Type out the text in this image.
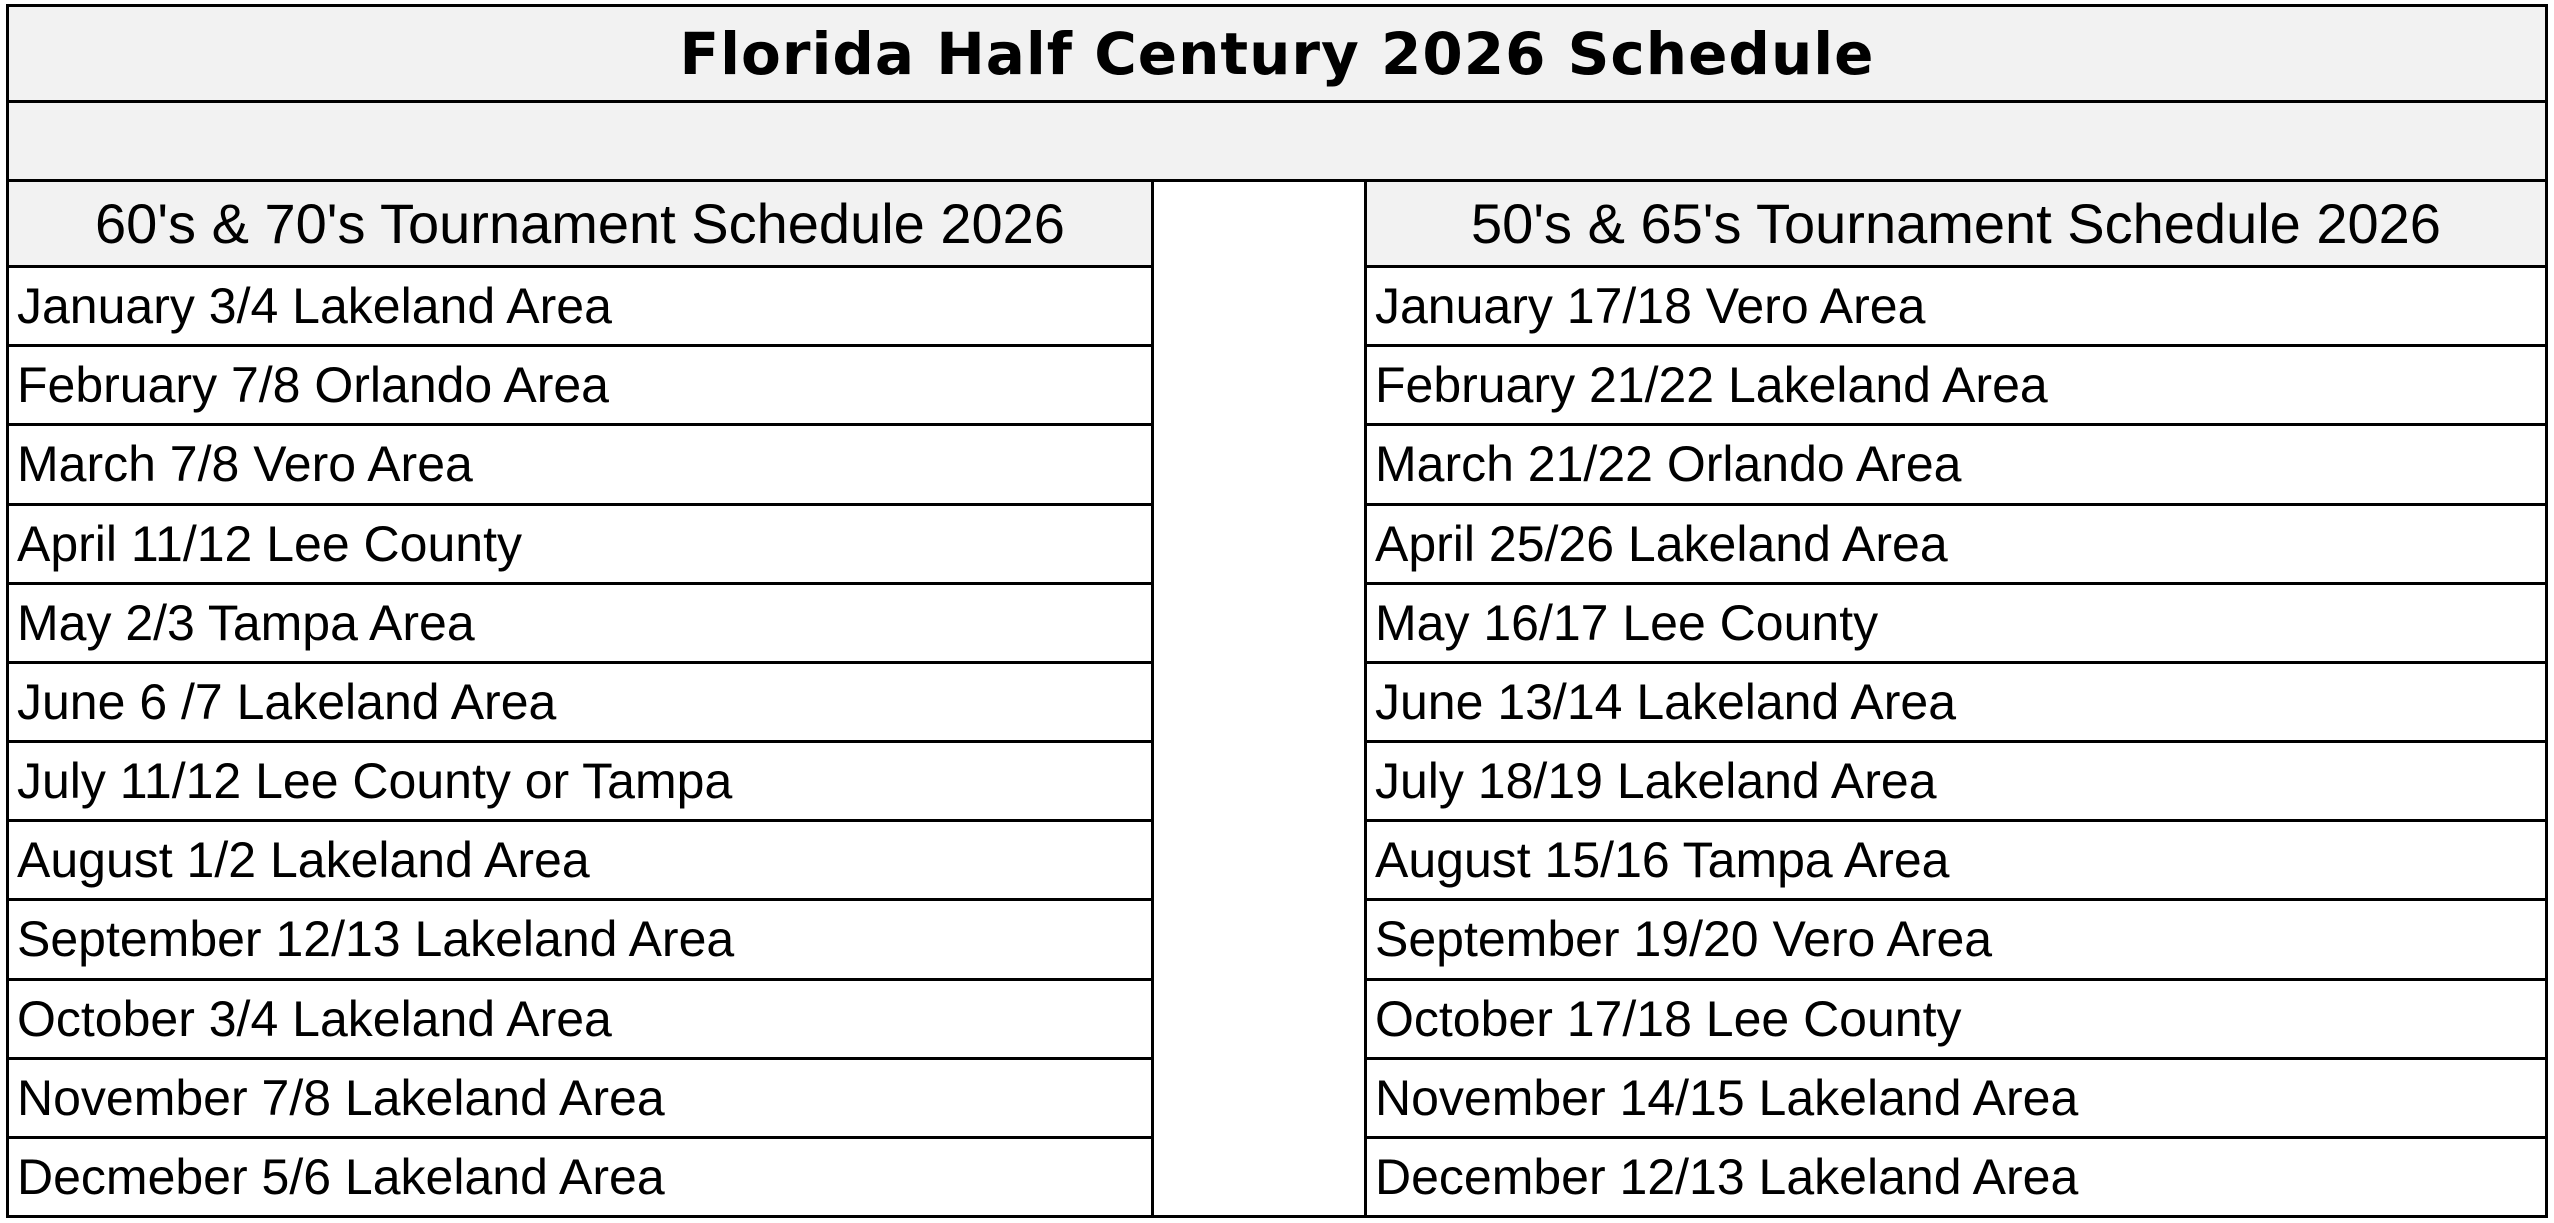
Florida Half Century 2026 Schedule
60's & 70's Tournament Schedule 2026
January 3/4 Lakeland Area
February 7/8 Orlando Area
March 7/8 Vero Area
April 11/12 Lee County
May 2/3 Tampa Area
June 6 /7 Lakeland Area
July 11/12 Lee County or Tampa
August 1/2 Lakeland Area
September 12/13 Lakeland Area
October 3/4 Lakeland Area
November 7/8 Lakeland Area
Decmeber 5/6 Lakeland Area
50's & 65's Tournament Schedule 2026
January 17/18 Vero Area
February 21/22 Lakeland Area
March 21/22 Orlando Area
April 25/26 Lakeland Area
May 16/17 Lee County
June 13/14 Lakeland Area
July 18/19 Lakeland Area
August 15/16 Tampa Area
September 19/20 Vero Area
October 17/18 Lee County
November 14/15 Lakeland Area
December 12/13 Lakeland Area
